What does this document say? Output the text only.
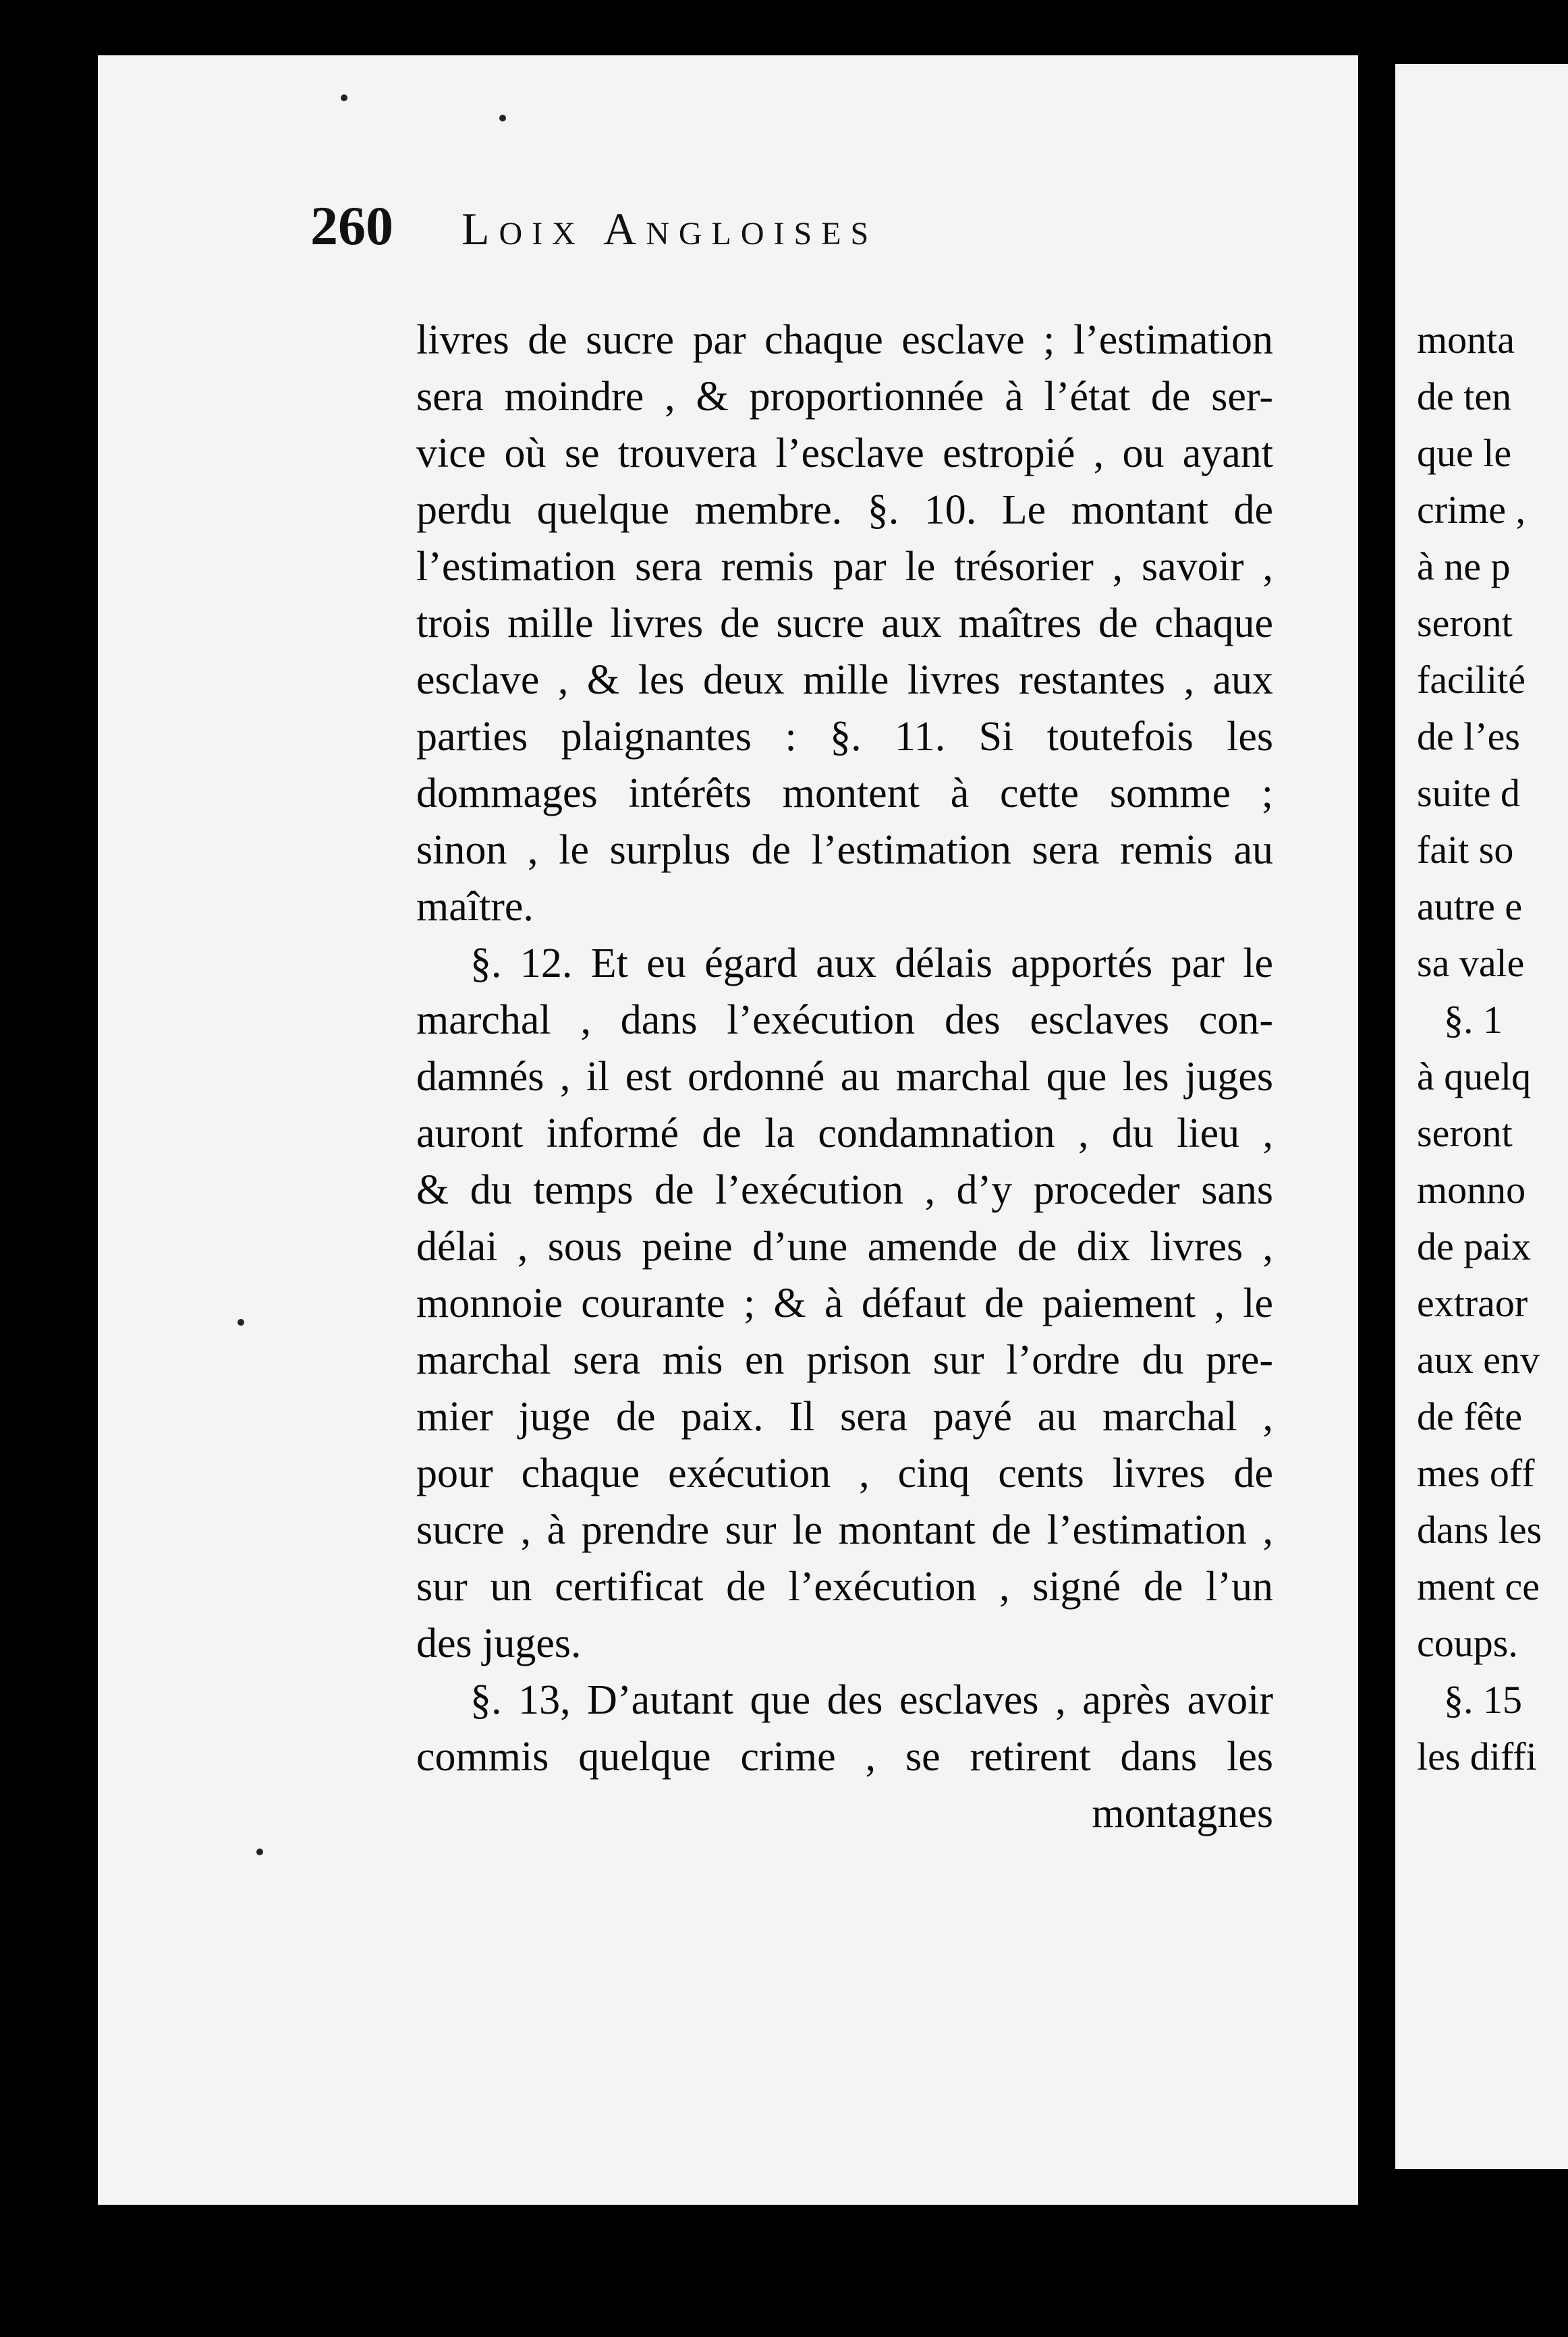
260 Loix Angloises
livres de sucre par chaque esclave ; l’estimation
sera moindre , & proportionnée à l’état de ser-
vice où se trouvera l’esclave estropié , ou ayant
perdu quelque membre. §. 10. Le montant de
l’estimation sera remis par le trésorier , savoir ,
trois mille livres de sucre aux maîtres de chaque
esclave , & les deux mille livres restantes , aux
parties plaignantes : §. 11. Si toutefois les
dommages intérêts montent à cette somme ;
sinon , le surplus de l’estimation sera remis au
maître.
§. 12. Et eu égard aux délais apportés par le
marchal , dans l’exécution des esclaves con-
damnés , il est ordonné au marchal que les juges
auront informé de la condamnation , du lieu ,
& du temps de l’exécution , d’y proceder sans
délai , sous peine d’une amende de dix livres ,
monnoie courante ; & à défaut de paiement , le
marchal sera mis en prison sur l’ordre du pre-
mier juge de paix. Il sera payé au marchal ,
pour chaque exécution , cinq cents livres de
sucre , à prendre sur le montant de l’estimation ,
sur un certificat de l’exécution , signé de l’un
des juges.
§. 13, D’autant que des esclaves , après avoir
commis quelque crime , se retirent dans les
montagnes
monta
de ten
que le
crime ,
à ne p
seront
facilité
de l’es
suite d
fait so
autre e
sa vale
§. 1
à quelq
seront
monno
de paix
extraor
aux env
de fête
mes off
dans les
ment ce
coups.
§. 15
les diffi
